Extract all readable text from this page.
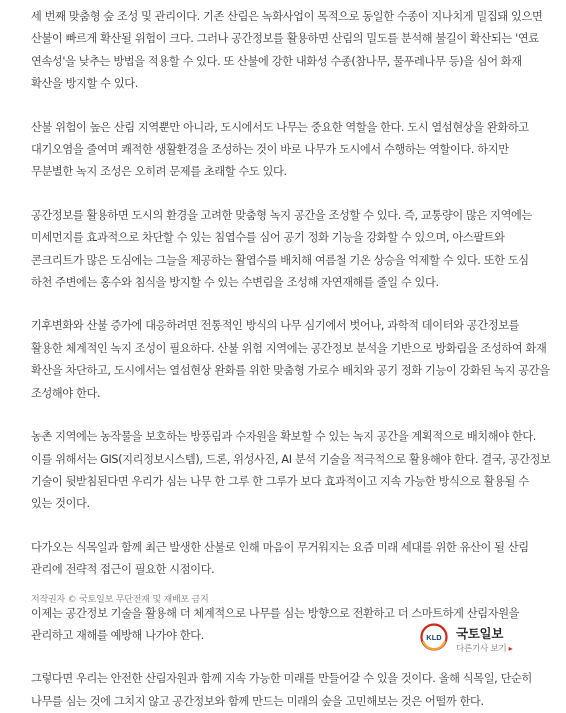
세 번째 맞춤형 숲 조성 및 관리이다. 기존 산림은 녹화사업이 목적으로 동일한 수종이 지나치게 밀집돼 있으면 산불이 빠르게 확산될 위험이 크다. 그러나 공간정보를 활용하면 산림의 밀도를 분석해 불길이 확산되는 '연료 연속성'을 낮추는 방법을 적용할 수 있다. 또 산불에 강한 내화성 수종(참나무, 물푸레나무 등)을 심어 화재 확산을 방지할 수 있다.

산불 위험이 높은 산림 지역뿐만 아니라, 도시에서도 나무는 중요한 역할을 한다. 도시 열섬현상을 완화하고 대기오염을 줄여며 쾌적한 생활환경을 조성하는 것이 바로 나무가 도시에서 수행하는 역할이다. 하지만 무분별한 녹지 조성은 오히려 문제를 초래할 수도 있다.

공간정보를 활용하면 도시의 환경을 고려한 맞춤형 녹지 공간을 조성할 수 있다. 즉, 교통량이 많은 지역에는 미세먼지를 효과적으로 차단할 수 있는 침엽수를 심어 공기 정화 기능을 강화할 수 있으며, 아스팔트와 콘크리트가 많은 도심에는 그늘을 제공하는 활엽수를 배치해 여름철 기온 상승을 억제할 수 있다. 또한 도심 하천 주변에는 홍수와 침식을 방지할 수 있는 수변림을 조성해 자연재해를 줄일 수 있다.

기후변화와 산불 증가에 대응하려면 전통적인 방식의 나무 심기에서 벗어나, 과학적 데이터와 공간정보를 활용한 체계적인 녹지 조성이 필요하다. 산불 위험 지역에는 공간정보 분석을 기반으로 방화림을 조성하여 화재 확산을 차단하고, 도시에서는 열섬현상 완화를 위한 맞춤형 가로수 배치와 공기 정화 기능이 강화된 녹지 공간을 조성해야 한다.

농촌 지역에는 농작물을 보호하는 방풍림과 수자원을 확보할 수 있는 녹지 공간을 계획적으로 배치해야 한다. 이를 위해서는 GIS(지리정보시스템), 드론, 위성사진, AI 분석 기술을 적극적으로 활용해야 한다. 결국, 공간정보 기술이 뒷받침된다면 우리가 심는 나무 한 그루 한 그루가 보다 효과적이고 지속 가능한 방식으로 활용될 수 있는 것이다.

다가오는 식목일과 함께 최근 발생한 산불로 인해 마음이 무거워지는 요즘 미래 세대를 위한 유산이 될 산림 관리에 전략적 접근이 필요한 시점이다.

이제는 공간정보 기술을 활용해 더 체계적으로 나무를 심는 방향으로 전환하고 더 스마트하게 산림자원을 관리하고 재해를 예방해 나가야 한다.

그렇다면 우리는 안전한 산림자원과 함께 지속 가능한 미래를 만들어갈 수 있을 것이다. 올해 식목일, 단순히 나무를 심는 것에 그치지 않고 공간정보와 함께 만드는 미래의 숲을 고민해보는 것은 어떨까 한다.

저작권자 © 국토일보 무단전재 및 재배포 금지
KLD 국토일보
다른기사 보기 ▸
